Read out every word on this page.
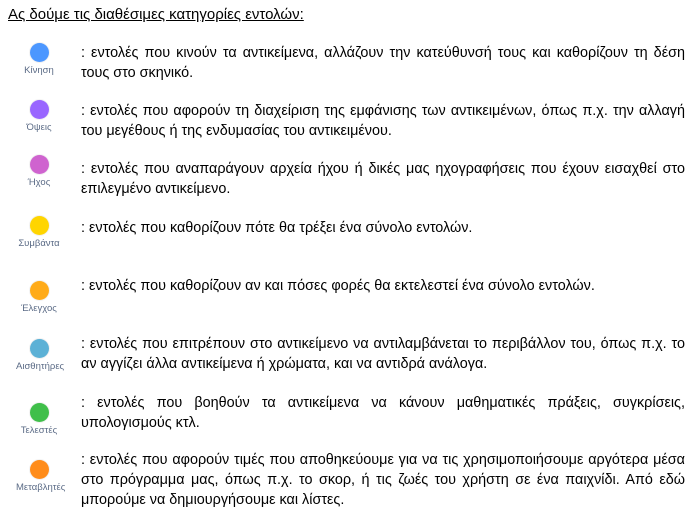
Ας δούμε τις διαθέσιμες κατηγορίες εντολών:
Κίνηση
: εντολές που κινούν τα αντικείμενα, αλλάζουν την κατεύθυνσή τους και καθορίζουν τη δέση τους στο σκηνικό.
Όψεις
: εντολές που αφορούν τη διαχείριση της εμφάνισης των αντικειμένων, όπως π.χ. την αλλαγή του μεγέθους ή της ενδυμασίας του αντικειμένου.
Ήχος
: εντολές που αναπαράγουν αρχεία ήχου ή δικές μας ηχογραφήσεις που έχουν εισαχθεί στο επιλεγμένο αντικείμενο.
Συμβάντα
: εντολές που καθορίζουν πότε θα τρέξει ένα σύνολο εντολών.
Έλεγχος
: εντολές που καθορίζουν αν και πόσες φορές θα εκτελεστεί ένα σύνολο εντολών.
Αισθητήρες
: εντολές που επιτρέπουν στο αντικείμενο να αντιλαμβάνεται το περιβάλλον του, όπως π.χ. το αν αγγίζει άλλα αντικείμενα ή χρώματα, και να αντιδρά ανάλογα.
Τελεστές
: εντολές που βοηθούν τα αντικείμενα να κάνουν μαθηματικές πράξεις, συγκρίσεις, υπολογισμούς κτλ.
Μεταβλητές
: εντολές που αφορούν τιμές που αποθηκεύουμε για να τις χρησιμοποιήσουμε αργότερα μέσα στο πρόγραμμα μας, όπως π.χ. το σκορ, ή τις ζωές του χρήστη σε ένα παιχνίδι. Από εδώ μπορούμε να δημιουργήσουμε και λίστες.
